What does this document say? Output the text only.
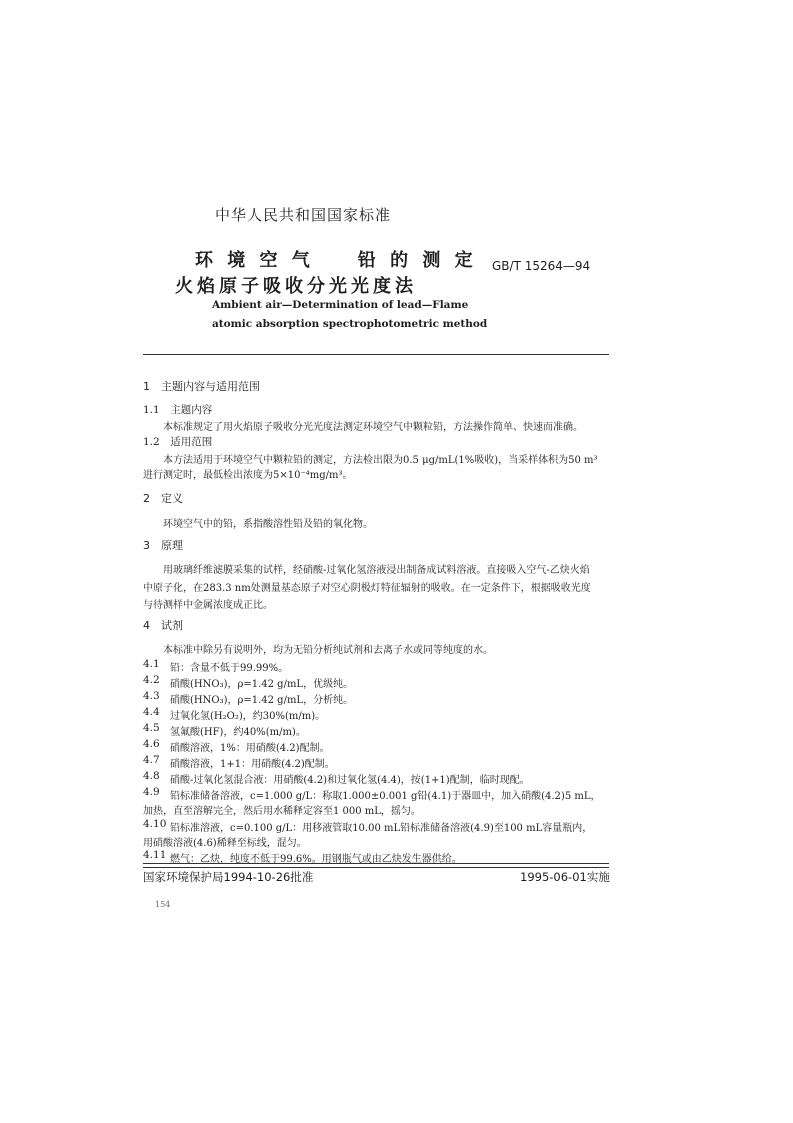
中华人民共和国国家标准
环 境 空 气　　铅 的 测 定
火焰原子吸收分光光度法
GB/T 15264—94
Ambient air—Determination of lead—Flame
atomic absorption spectrophotometric method
1　主题内容与适用范围
1.1　主题内容
本标准规定了用火焰原子吸收分光光度法测定环境空气中颗粒铅，方法操作简单、快速而准确。
1.2　适用范围
本方法适用于环境空气中颗粒铅的测定，方法检出限为0.5 μg/mL(1%吸收)，当采样体积为50 m³
进行测定时，最低检出浓度为5×10⁻⁴mg/m³。
2　定义
环境空气中的铅，系指酸溶性铅及铅的氧化物。
3　原理
用玻璃纤维滤膜采集的试样，经硝酸-过氧化氢溶液浸出制备成试料溶液。直接吸入空气-乙炔火焰
中原子化，在283.3 nm处测量基态原子对空心阴极灯特征辐射的吸收。在一定条件下，根据吸收光度
与待测样中金属浓度成正比。
4　试剂
本标准中除另有说明外，均为无铅分析纯试剂和去离子水或同等纯度的水。
4.1 铅：含量不低于99.99%。
4.2 硝酸(HNO₃)，ρ=1.42 g/mL，优级纯。
4.3 硝酸(HNO₃)，ρ=1.42 g/mL，分析纯。
4.4 过氧化氢(H₂O₂)，约30%(m/m)。
4.5 氢氟酸(HF)，约40%(m/m)。
4.6 硝酸溶液，1%：用硝酸(4.2)配制。
4.7 硝酸溶液，1+1：用硝酸(4.2)配制。
4.8 硝酸-过氧化氢混合液：用硝酸(4.2)和过氧化氢(4.4)，按(1+1)配制，临时现配。
4.9 铅标准储备溶液，c=1.000 g/L：称取1.000±0.001 g铅(4.1)于器皿中，加入硝酸(4.2)5 mL，
加热，直至溶解完全，然后用水稀释定容至1 000 mL，摇匀。
4.10 铅标准溶液，c=0.100 g/L：用移液管取10.00 mL铅标准储备溶液(4.9)至100 mL容量瓶内，
用硝酸溶液(4.6)稀释至标线，混匀。
4.11 燃气：乙炔，纯度不低于99.6%。用钢瓶气或由乙炔发生器供给。
国家环境保护局1994-10-26批准	1995-06-01实施
154
